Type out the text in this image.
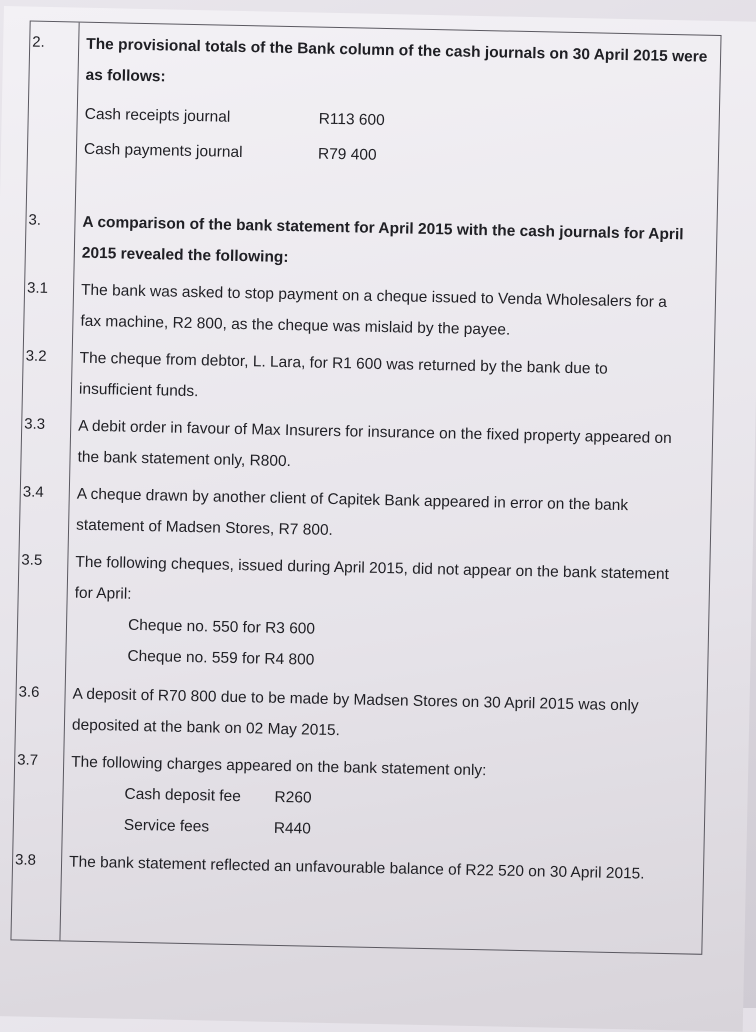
2.	The provisional totals of the Bank column of the cash journals on 30 April 2015 were
as follows:
Cash receipts journal	R113 600
Cash payments journal	R79 400
3.	A comparison of the bank statement for April 2015 with the cash journals for April
2015 revealed the following:
3.1	The bank was asked to stop payment on a cheque issued to Venda Wholesalers for a
fax machine, R2 800, as the cheque was mislaid by the payee.
3.2	The cheque from debtor, L. Lara, for R1 600 was returned by the bank due to
insufficient funds.
3.3	A debit order in favour of Max Insurers for insurance on the fixed property appeared on
the bank statement only, R800.
3.4	A cheque drawn by another client of Capitek Bank appeared in error on the bank
statement of Madsen Stores, R7 800.
3.5	The following cheques, issued during April 2015, did not appear on the bank statement
for April:
Cheque no. 550 for R3 600
Cheque no. 559 for R4 800
3.6	A deposit of R70 800 due to be made by Madsen Stores on 30 April 2015 was only
deposited at the bank on 02 May 2015.
3.7	The following charges appeared on the bank statement only:
Cash deposit fee	R260
Service fees	R440
3.8	The bank statement reflected an unfavourable balance of R22 520 on 30 April 2015.
